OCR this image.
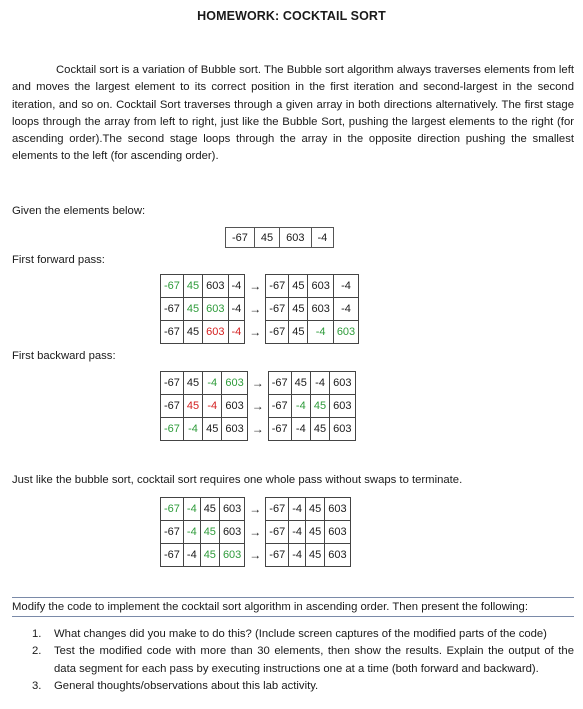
HOMEWORK: COCKTAIL SORT

Cocktail sort is a variation of Bubble sort. The Bubble sort algorithm always traverses elements from left and moves the largest element to its correct position in the first iteration and second-largest in the second iteration, and so on. Cocktail Sort traverses through a given array in both directions alternatively. The first stage loops through the array from left to right, just like the Bubble Sort, pushing the largest elements to the right (for ascending order).The second stage loops through the array in the opposite direction pushing the smallest elements to the left (for ascending order).

Given the elements below:
-67	45	603	-4
First forward pass:
-67	45	603	-4	→	-67	45	603	-4
-67	45	603	-4	→	-67	45	603	-4
-67	45	603	-4	→	-67	45	-4	603
First backward pass:
-67	45	-4	603	→	-67	45	-4	603
-67	45	-4	603	→	-67	-4	45	603
-67	-4	45	603	→	-67	-4	45	603
Just like the bubble sort, cocktail sort requires one whole pass without swaps to terminate.
-67	-4	45	603	→	-67	-4	45	603
-67	-4	45	603	→	-67	-4	45	603
-67	-4	45	603	→	-67	-4	45	603
Modify the code to implement the cocktail sort algorithm in ascending order. Then present the following:
1. What changes did you make to do this? (Include screen captures of the modified parts of the code)
2. Test the modified code with more than 30 elements, then show the results. Explain the output of the data segment for each pass by executing instructions one at a time (both forward and backward).
3. General thoughts/observations about this lab activity.
